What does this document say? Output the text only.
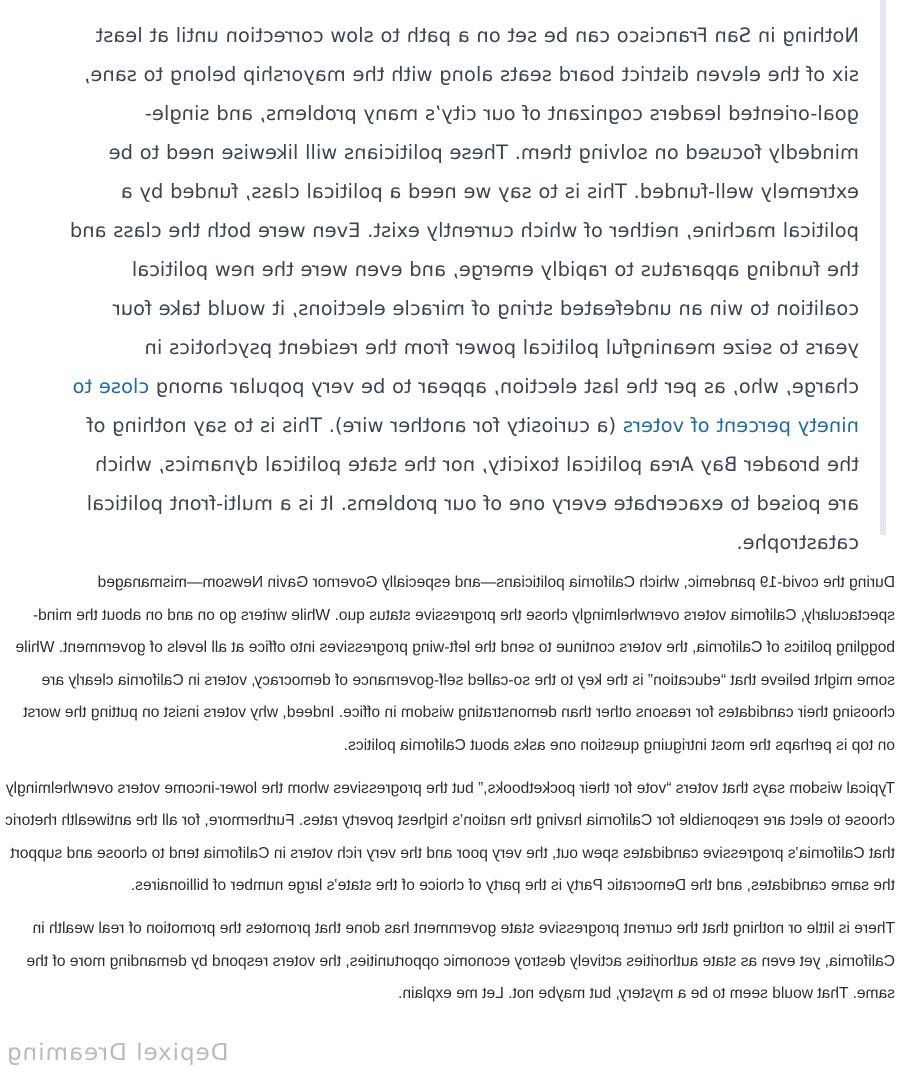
Nothing in San Francisco can be set on a path to slow correction until at least six of the eleven district board seats along with the mayorship belong to sane, goal-oriented leaders cognizant of our city’s many problems, and single-mindedly focused on solving them. These politicians will likewise need to be extremely well-funded. This is to say we need a political class, funded by a political machine, neither of which currently exist. Even were both the class and the funding apparatus to rapidly emerge, and even were the new political coalition to win an undefeated string of miracle elections, it would take four years to seize meaningful political power from the resident psychotics in charge, who, as per the last election, appear to be very popular among close to ninety percent of voters (a curiosity for another wire). This is to say nothing of the broader Bay Area political toxicity, nor the state political dynamics, which are poised to exacerbate every one of our problems. It is a multi-front political catastrophe.

During the covid-19 pandemic, which California politicians—and especially Governor Gavin Newsom—mismanaged spectacularly, California voters overwhelmingly chose the progressive status quo. While writers go on and on about the mind-boggling politics of California, the voters continue to send the left-wing progressives into office at all levels of government. While some might believe that “education” is the key to the so-called self-governance of democracy, voters in California clearly are choosing their candidates for reasons other than demonstrating wisdom in office. Indeed, why voters insist on putting the worst on top is perhaps the most intriguing question one asks about California politics.

Typical wisdom says that voters “vote for their pocketbooks,” but the progressives whom the lower-income voters overwhelmingly choose to elect are responsible for California having the nation’s highest poverty rates. Furthermore, for all the antiwealth rhetoric that California’s progressive candidates spew out, the very poor and the very rich voters in California tend to choose and support the same candidates, and the Democratic Party is the party of choice of the state’s large number of billionaires.

There is little or nothing that the current progressive state government has done that promotes the promotion of real wealth in California, yet even as state authorities actively destroy economic opportunities, the voters respond by demanding more of the same. That would seem to be a mystery, but maybe not. Let me explain.

Depixel Dreaming
